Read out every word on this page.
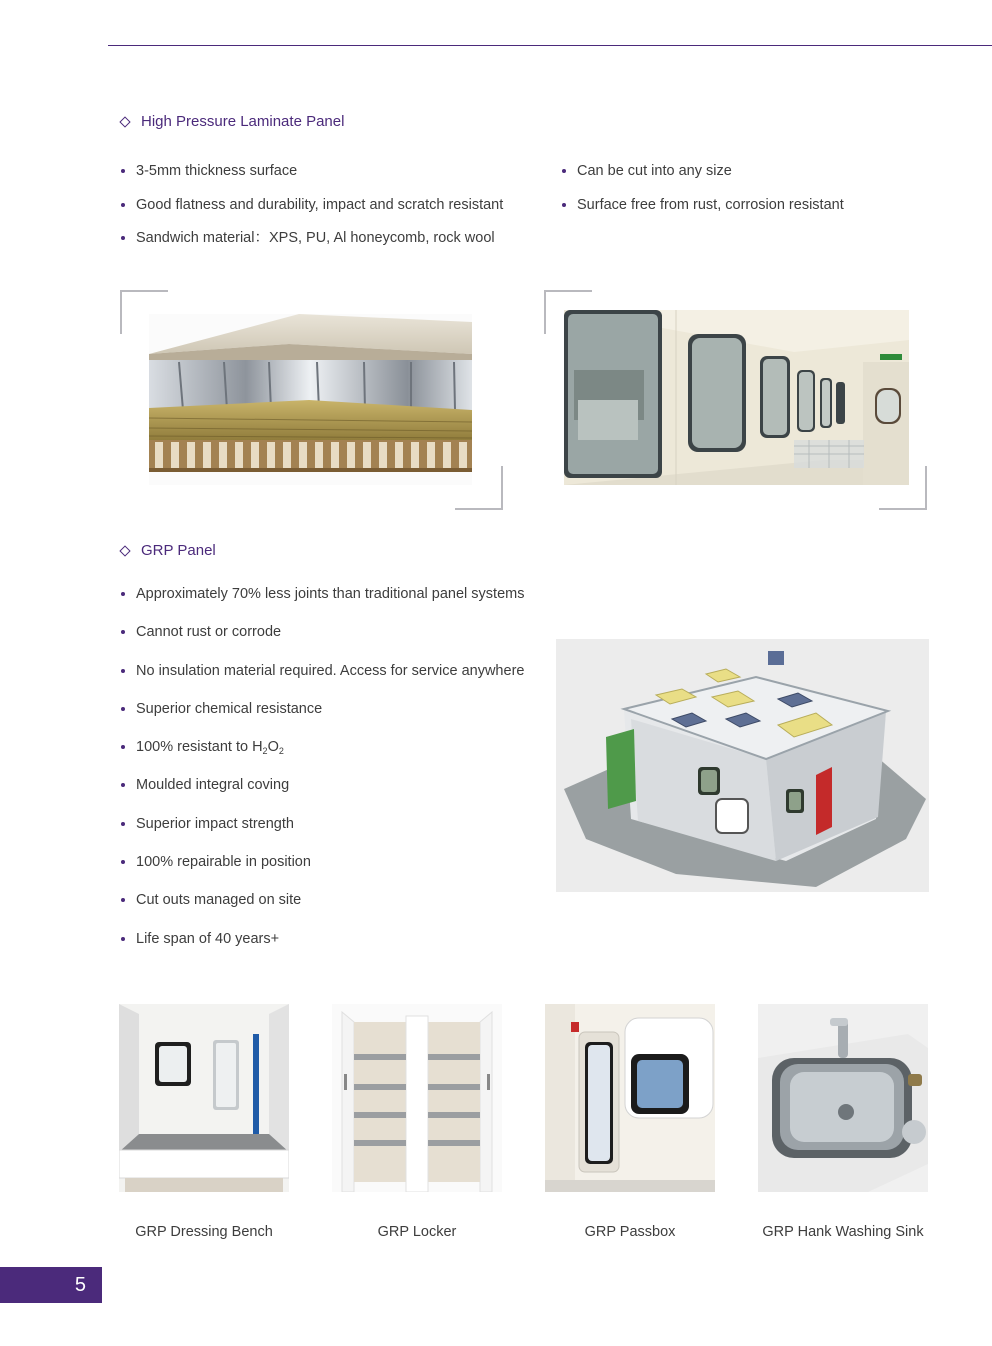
High Pressure Laminate Panel
3-5mm thickness surface
Good flatness and durability, impact and scratch resistant
Sandwich material：XPS, PU, Al honeycomb, rock wool
Can be cut into any size
Surface free from rust, corrosion resistant
GRP Panel
Approximately 70% less joints than traditional panel systems
Cannot rust or corrode
No insulation material required. Access for service anywhere
Superior chemical resistance
100% resistant to $H_2O_2$
Moulded integral coving
Superior impact strength
100% repairable in position
Cut outs managed on site
Life span of 40 years+
GRP Dressing Bench	GRP Locker	GRP Passbox	GRP Hank Washing Sink
5
